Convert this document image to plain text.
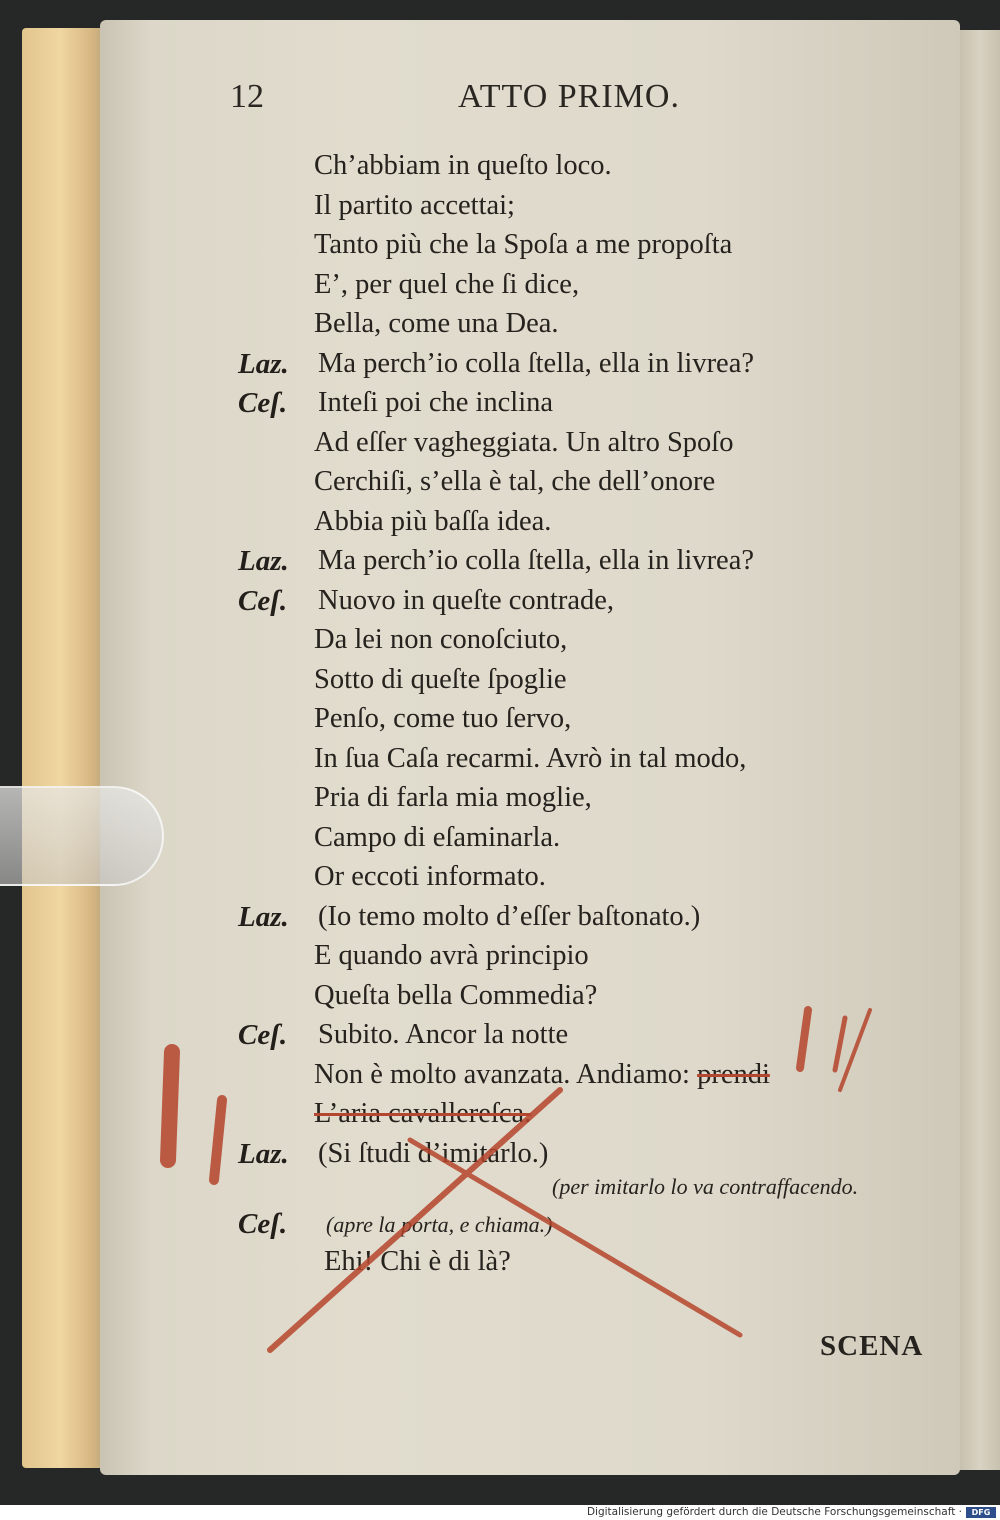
12	ATTO PRIMO.
Ch’abbiam in queſto loco.
Il partito accettai;
Tanto più che la Spoſa a me propoſta
E’, per quel che ſi dice,
Bella, come una Dea.
Laz. Ma perch’io colla ſtella, ella in livrea?
Ceſ. Inteſi poi che inclina
Ad eſſer vagheggiata. Un altro Spoſo
Cerchiſi, s’ella è tal, che dell’onore
Abbia più baſſa idea.
Laz. Ma perch’io colla ſtella, ella in livrea?
Ceſ. Nuovo in queſte contrade,
Da lei non conoſciuto,
Sotto di queſte ſpoglie
Penſo, come tuo ſervo,
In ſua Caſa recarmi. Avrò in tal modo,
Pria di farla mia moglie,
Campo di eſaminarla.
Or eccoti informato.
Laz. (Io temo molto d’eſſer baſtonato.)
E quando avrà principio
Queſta bella Commedia?
Ceſ. Subito. Ancor la notte
Non è molto avanzata. Andiamo: prendi
L’aria cavallereſca.
Laz. (Si ſtudi d’imitarlo.)
(per imitarlo lo va contraffacendo.
Ceſ. (apre la porta, e chiama.)
Ehi! Chi è di là?
SCENA
Digitalisierung gefördert durch die Deutsche Forschungsgemeinschaft ·	DFG
